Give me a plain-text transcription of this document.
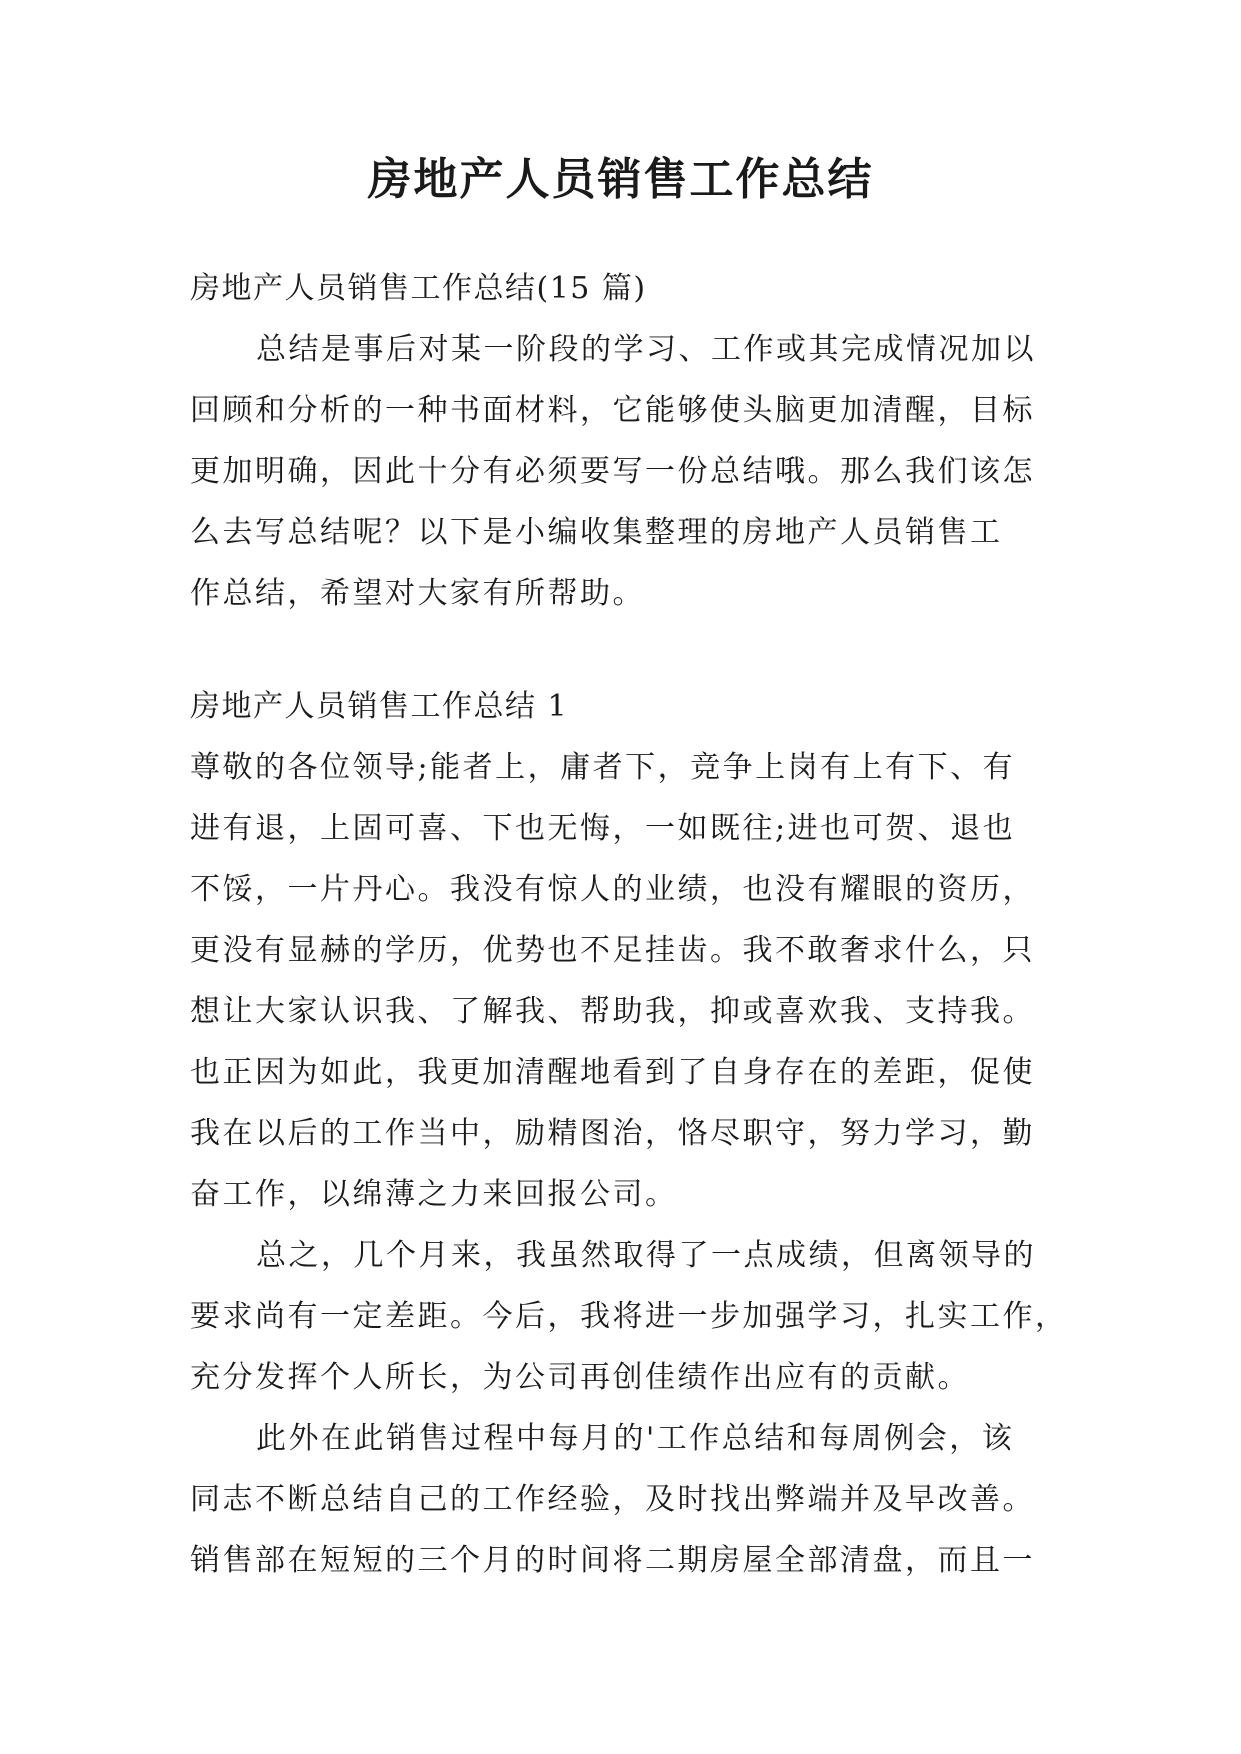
房地产人员销售工作总结

房地产人员销售工作总结(15 篇)

总结是事后对某一阶段的学习、工作或其完成情况加以

回顾和分析的一种书面材料，它能够使头脑更加清醒，目标

更加明确，因此十分有必须要写一份总结哦。那么我们该怎

么去写总结呢？以下是小编收集整理的房地产人员销售工

作总结，希望对大家有所帮助。

房地产人员销售工作总结 1

尊敬的各位领导;能者上，庸者下，竞争上岗有上有下、有

进有退，上固可喜、下也无悔，一如既往;进也可贺、退也

不馁，一片丹心。我没有惊人的业绩，也没有耀眼的资历，

更没有显赫的学历，优势也不足挂齿。我不敢奢求什么，只

想让大家认识我、了解我、帮助我，抑或喜欢我、支持我。

也正因为如此，我更加清醒地看到了自身存在的差距，促使

我在以后的工作当中，励精图治，恪尽职守，努力学习，勤

奋工作，以绵薄之力来回报公司。

总之，几个月来，我虽然取得了一点成绩，但离领导的

要求尚有一定差距。今后，我将进一步加强学习，扎实工作，

充分发挥个人所长，为公司再创佳绩作出应有的贡献。

此外在此销售过程中每月的'工作总结和每周例会，该

同志不断总结自己的工作经验，及时找出弊端并及早改善。

销售部在短短的三个月的时间将二期房屋全部清盘，而且一
